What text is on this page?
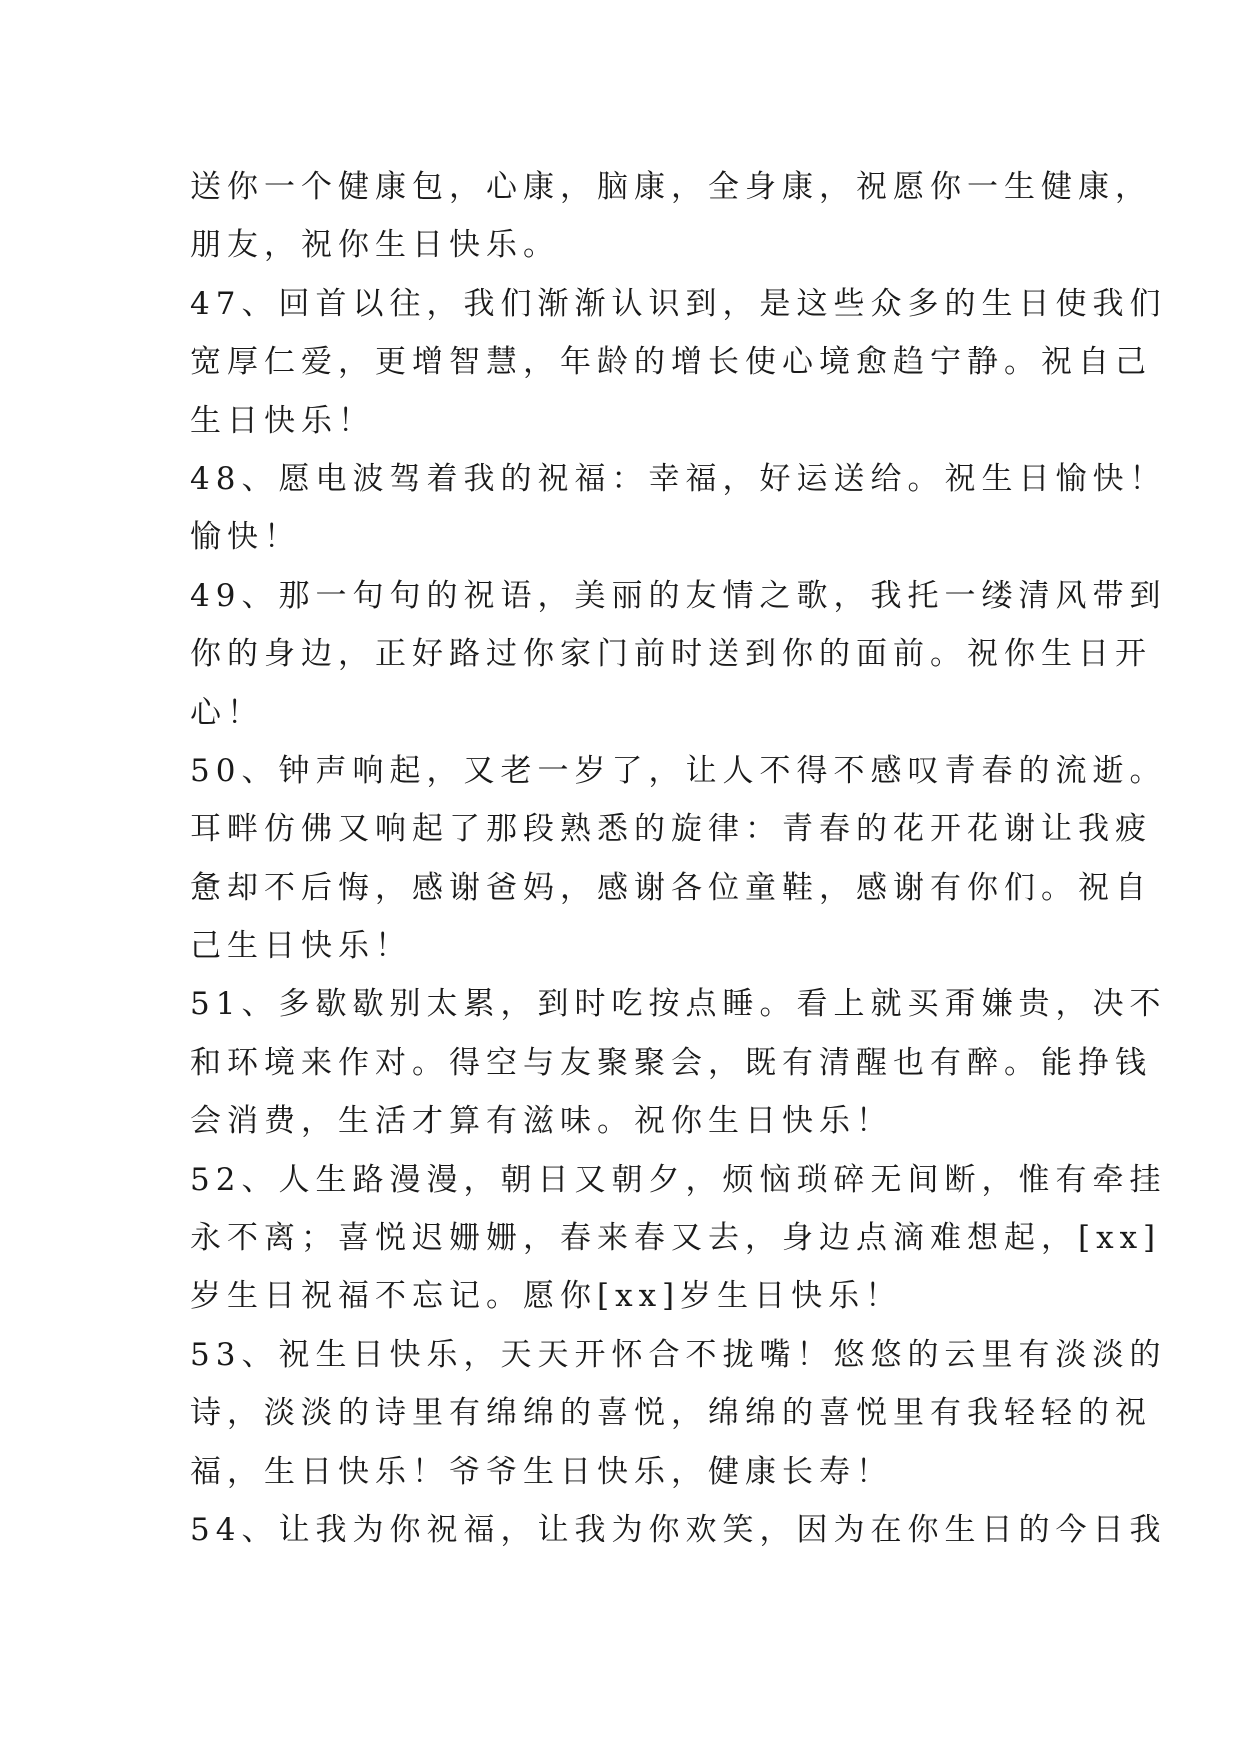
送你一个健康包，心康，脑康，全身康，祝愿你一生健康，

朋友，祝你生日快乐。

47、回首以往，我们渐渐认识到，是这些众多的生日使我们

宽厚仁爱，更增智慧，年龄的增长使心境愈趋宁静。祝自己

生日快乐！

48、愿电波驾着我的祝福：幸福，好运送给。祝生日愉快！

愉快！

49、那一句句的祝语，美丽的友情之歌，我托一缕清风带到

你的身边，正好路过你家门前时送到你的面前。祝你生日开

心！

50、钟声响起，又老一岁了，让人不得不感叹青春的流逝。

耳畔仿佛又响起了那段熟悉的旋律：青春的花开花谢让我疲

惫却不后悔，感谢爸妈，感谢各位童鞋，感谢有你们。祝自

己生日快乐！

51、多歇歇别太累，到时吃按点睡。看上就买甭嫌贵，决不

和环境来作对。得空与友聚聚会，既有清醒也有醉。能挣钱

会消费，生活才算有滋味。祝你生日快乐！

52、人生路漫漫，朝日又朝夕，烦恼琐碎无间断，惟有牵挂

永不离；喜悦迟姗姗，春来春又去，身边点滴难想起，[xx]

岁生日祝福不忘记。愿你[xx]岁生日快乐！

53、祝生日快乐，天天开怀合不拢嘴！悠悠的云里有淡淡的

诗，淡淡的诗里有绵绵的喜悦，绵绵的喜悦里有我轻轻的祝

福，生日快乐！爷爷生日快乐，健康长寿！

54、让我为你祝福，让我为你欢笑，因为在你生日的今日我
